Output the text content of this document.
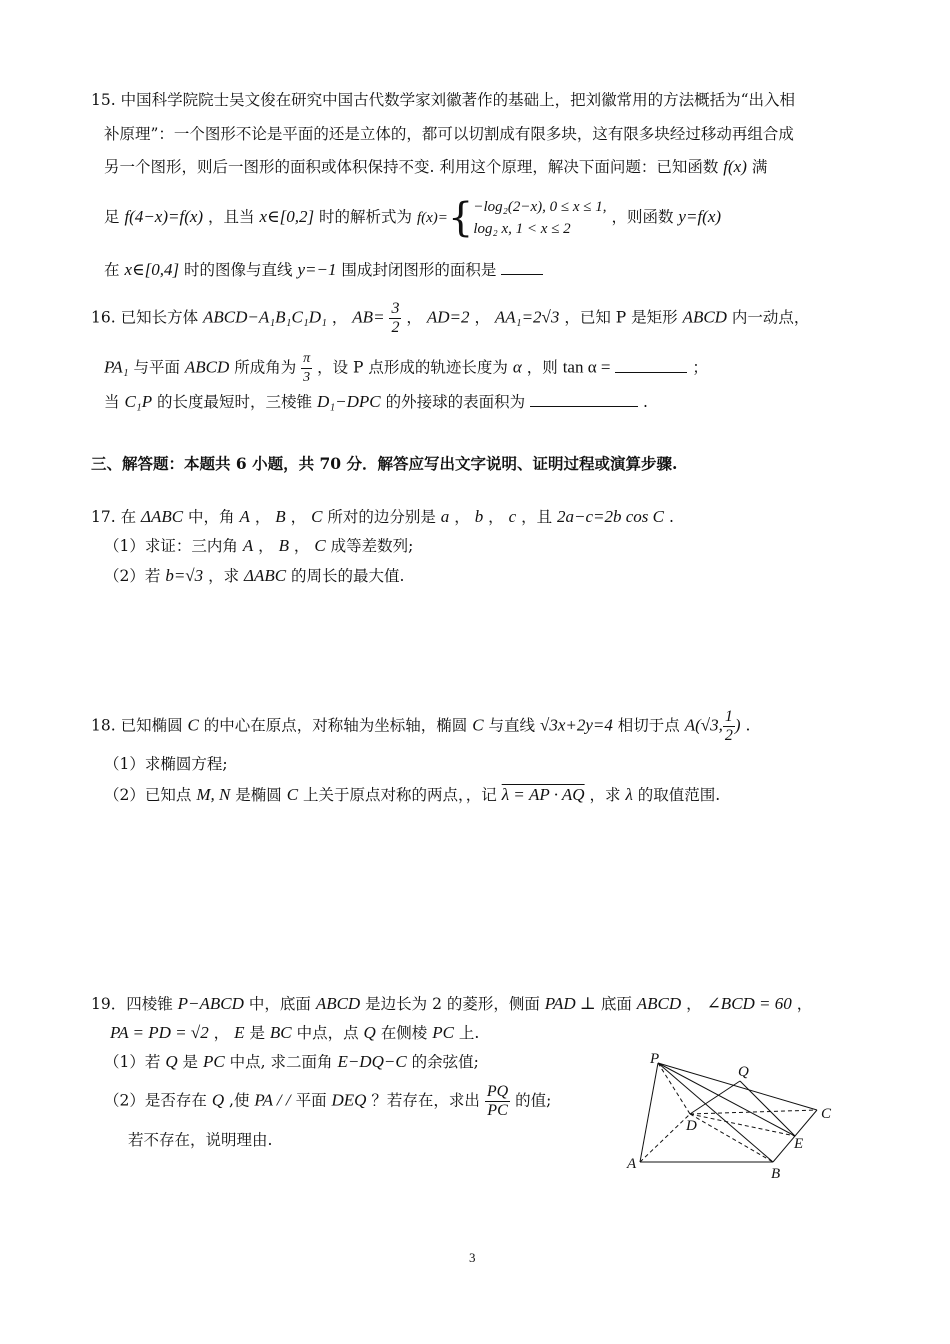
15. 中国科学院院士吴文俊在研究中国古代数学家刘徽著作的基础上，把刘徽常用的方法概括为“出入相
补原理”：一个图形不论是平面的还是立体的，都可以切割成有限多块，这有限多块经过移动再组合成
另一个图形，则后一图形的面积或体积保持不变. 利用这个原理，解决下面问题：已知函数 f(x) 满
足 f(4−x)=f(x) ，且当 x∈[0,2] 时的解析式为 f(x)={ −log₂(2−x), 0 ≤ x ≤ 1,
log₂ x, 1 < x ≤ 2
，则函数 y=f(x)
在 x∈[0,4] 时的图像与直线 y=−1 围成封闭图形的面积是
16. 已知长方体 ABCD−A₁B₁C₁D₁ ， $AB= \frac{3}{2}$ ， AD=2 ， AA₁=2√3 ，已知 P 是矩形 ABCD 内一动点，
PA₁ 与平面 ABCD 所成角为 $\frac{\pi}{3}$ ，设 P 点形成的轨迹长度为 α ，则 tan α =	；
当 C₁P 的长度最短时，三棱锥 D₁−DPC 的外接球的表面积为	.
三、解答题：本题共 6 小题，共 70 分．解答应写出文字说明、证明过程或演算步骤.
17. 在 ΔABC 中，角 A ， B ， C 所对的边分别是 a ， b ， c ，且 2a−c=2b cos C .
（1）求证：三内角 A ， B ， C 成等差数列;
（2）若 b=√3 ，求 ΔABC 的周长的最大值.
18. 已知椭圆 C 的中心在原点，对称轴为坐标轴，椭圆 C 与直线 √3x+2y=4 相切于点 A(√3, $\frac{1}{2}$ ) .
（1）求椭圆方程;
（2）已知点 M, N 是椭圆 C 上关于原点对称的两点，，记 λ = AP · AQ ，求 λ 的取值范围.
19．四棱锥 P−ABCD 中，底面 ABCD 是边长为 2 的菱形，侧面 PAD ⊥ 底面 ABCD ， ∠BCD = 60 ，
PA = PD = √2 ， E 是 BC 中点，点 Q 在侧棱 PC 上.
（1）若 Q 是 PC 中点, 求二面角 E−DQ−C 的余弦值;
（2）是否存在 Q ,使 PA / / 平面 DEQ ？若存在，求出 $\frac{PQ}{PC}$ 的值;
若不存在，说明理由.
P
Q
C
D
E
A
B
3
